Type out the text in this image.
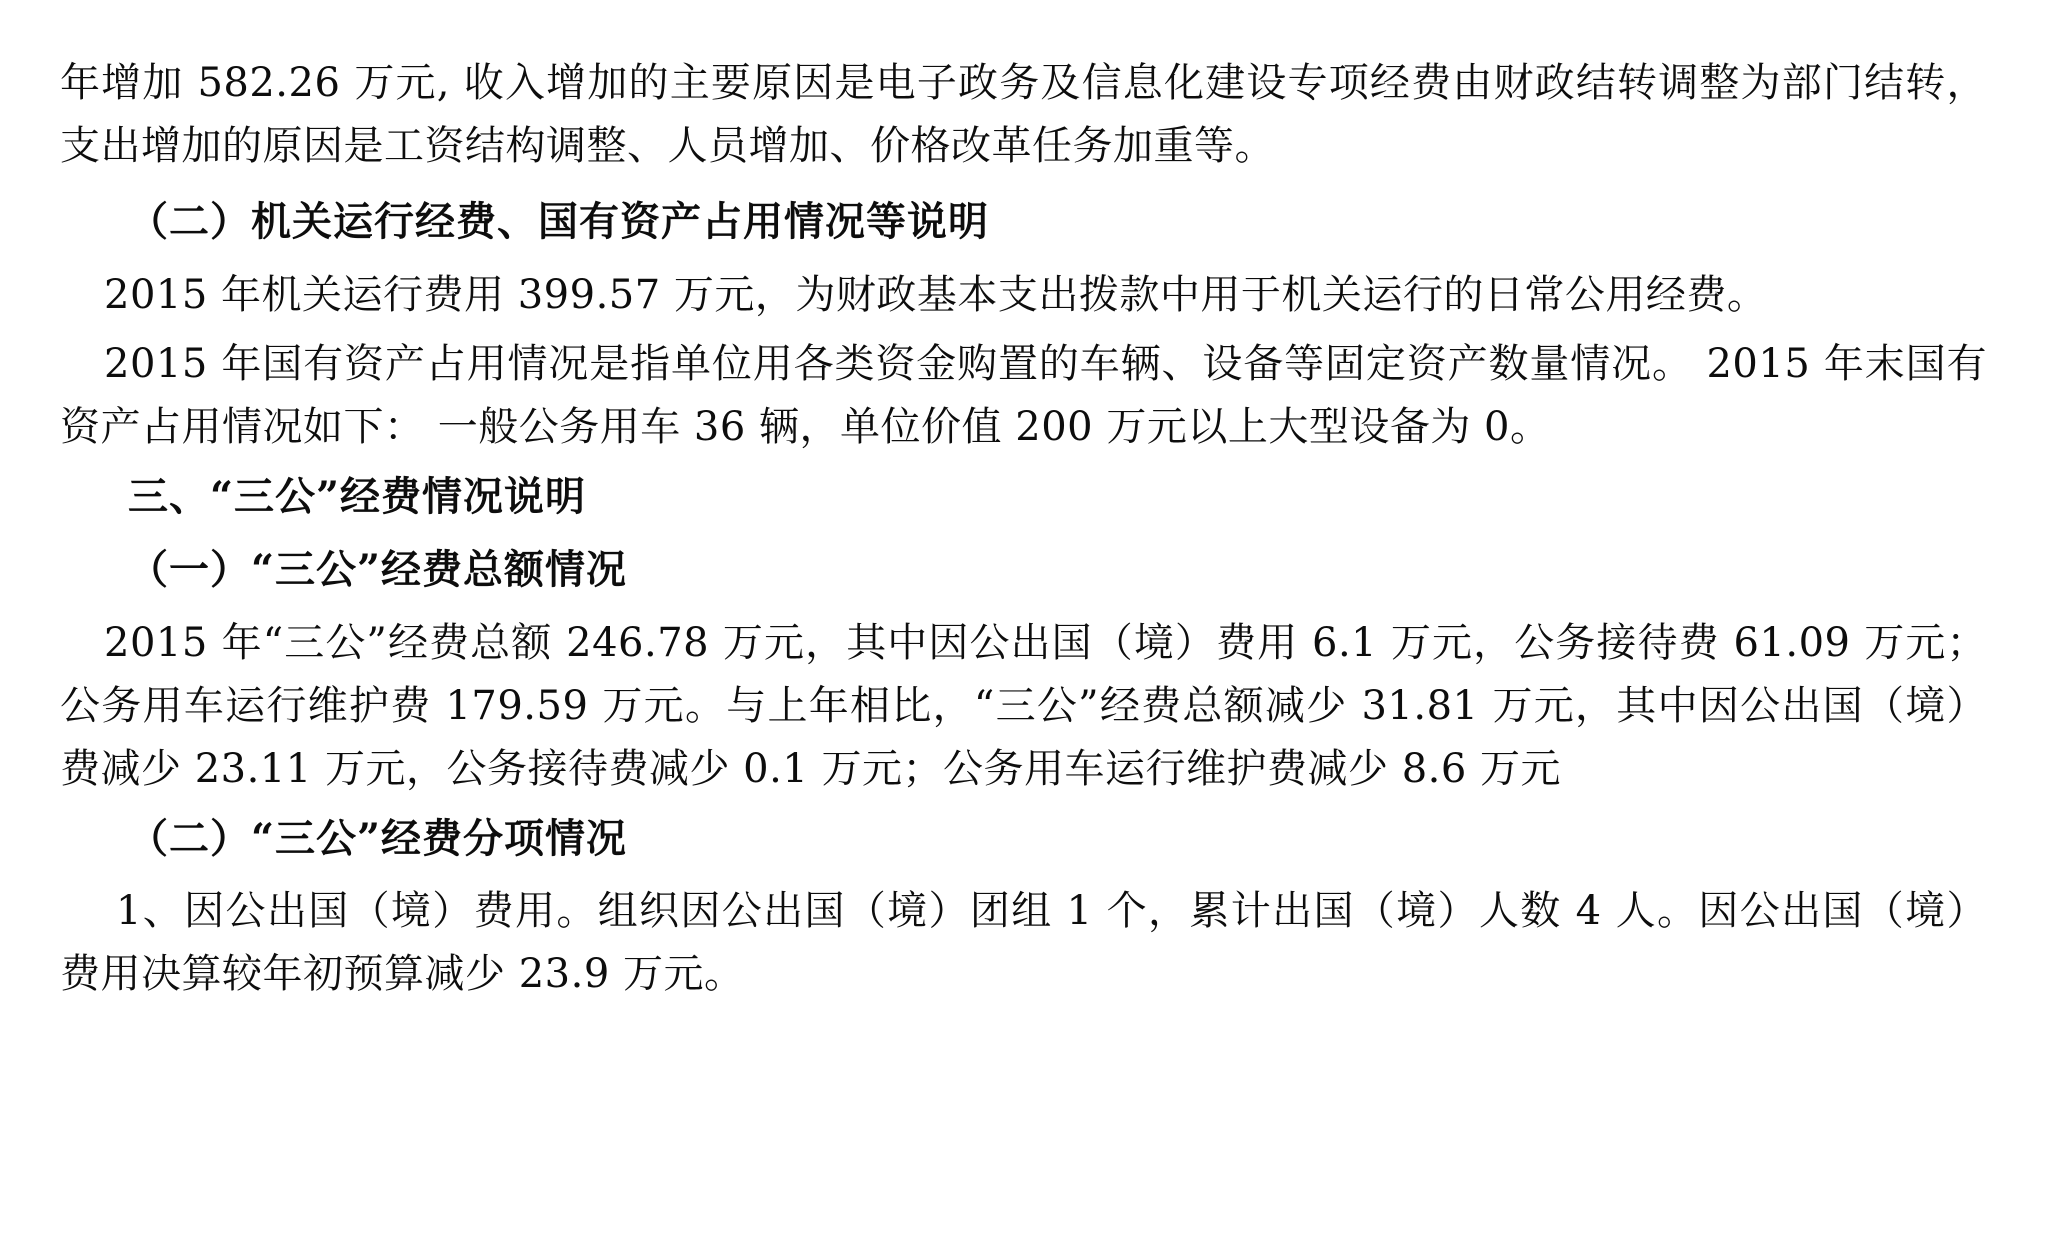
年增加 582.26 万元, 收入增加的主要原因是电子政务及信息化建设专项经费由财政结转调整为部门结转， 支出增加的原因是工资结构调整、人员增加、价格改革任务加重等。

（二）机关运行经费、国有资产占用情况等说明

2015 年机关运行费用 399.57 万元，为财政基本支出拨款中用于机关运行的日常公用经费。

2015 年国有资产占用情况是指单位用各类资金购置的车辆、设备等固定资产数量情况。 2015 年末国有资产占用情况如下： 一般公务用车 36 辆，单位价值 200 万元以上大型设备为 0。

三、“三公”经费情况说明

（一）“三公”经费总额情况

2015 年“三公”经费总额 246.78 万元，其中因公出国（境）费用 6.1 万元，公务接待费 61.09 万元；公务用车运行维护费 179.59 万元。与上年相比，“三公”经费总额减少 31.81 万元，其中因公出国（境）费减少 23.11 万元，公务接待费减少 0.1 万元；公务用车运行维护费减少 8.6 万元

（二）“三公”经费分项情况

1、因公出国（境）费用。组织因公出国（境）团组 1 个，累计出国（境）人数 4 人。因公出国（境）费用决算较年初预算减少 23.9 万元。
